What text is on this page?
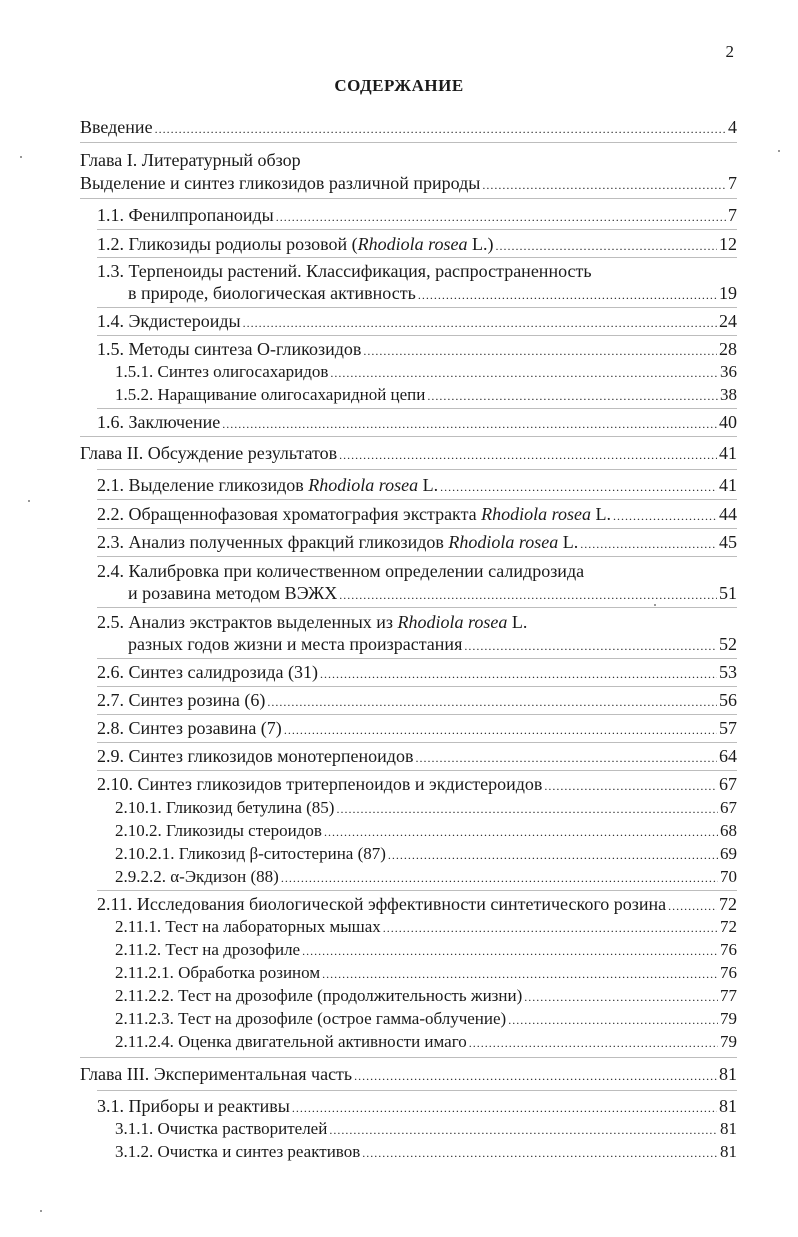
2
СОДЕРЖАНИЕ
Введение .....	4
Глава I. Литературный обзор
Выделение и синтез гликозидов различной природы .....	7
1.1. Фенилпропаноиды .....	7
1.2. Гликозиды родиолы розовой (Rhodiola rosea L.) .....	12
1.3. Терпеноиды растений. Классификация, распространенность
в природе, биологическая активность .....	19
1.4. Экдистероиды .....	24
1.5. Методы синтеза О-гликозидов .....	28
1.5.1. Синтез олигосахаридов .....	36
1.5.2. Наращивание олигосахаридной цепи .....	38
1.6. Заключение .....	40
Глава II. Обсуждение результатов .....	41
2.1. Выделение гликозидов Rhodiola rosea L. .....	41
2.2. Обращеннофазовая хроматография экстракта Rhodiola rosea L. .....	44
2.3. Анализ полученных фракций гликозидов Rhodiola rosea L. .....	45
2.4. Калибровка при количественном определении салидрозида
и розавина методом ВЭЖХ .....	51
2.5. Анализ экстрактов выделенных из Rhodiola rosea L.
разных годов жизни и места произрастания .....	52
2.6. Синтез салидрозида (31) .....	53
2.7. Синтез розина (6) .....	56
2.8. Синтез розавина (7) .....	57
2.9. Синтез гликозидов монотерпеноидов .....	64
2.10. Синтез гликозидов тритерпеноидов и экдистероидов .....	67
2.10.1. Гликозид бетулина (85) .....	67
2.10.2. Гликозиды стероидов .....	68
2.10.2.1. Гликозид β-ситостерина (87) .....	69
2.9.2.2. α-Экдизон (88) .....	70
2.11. Исследования биологической эффективности синтетического розина .....	72
2.11.1. Тест на лабораторных мышах .....	72
2.11.2. Тест на дрозофиле .....	76
2.11.2.1. Обработка розином .....	76
2.11.2.2. Тест на дрозофиле (продолжительность жизни) .....	77
2.11.2.3. Тест на дрозофиле (острое гамма-облучение) .....	79
2.11.2.4. Оценка двигательной активности имаго .....	79
Глава III. Экспериментальная часть .....	81
3.1. Приборы и реактивы .....	81
3.1.1. Очистка растворителей .....	81
3.1.2. Очистка и синтез реактивов .....	81
